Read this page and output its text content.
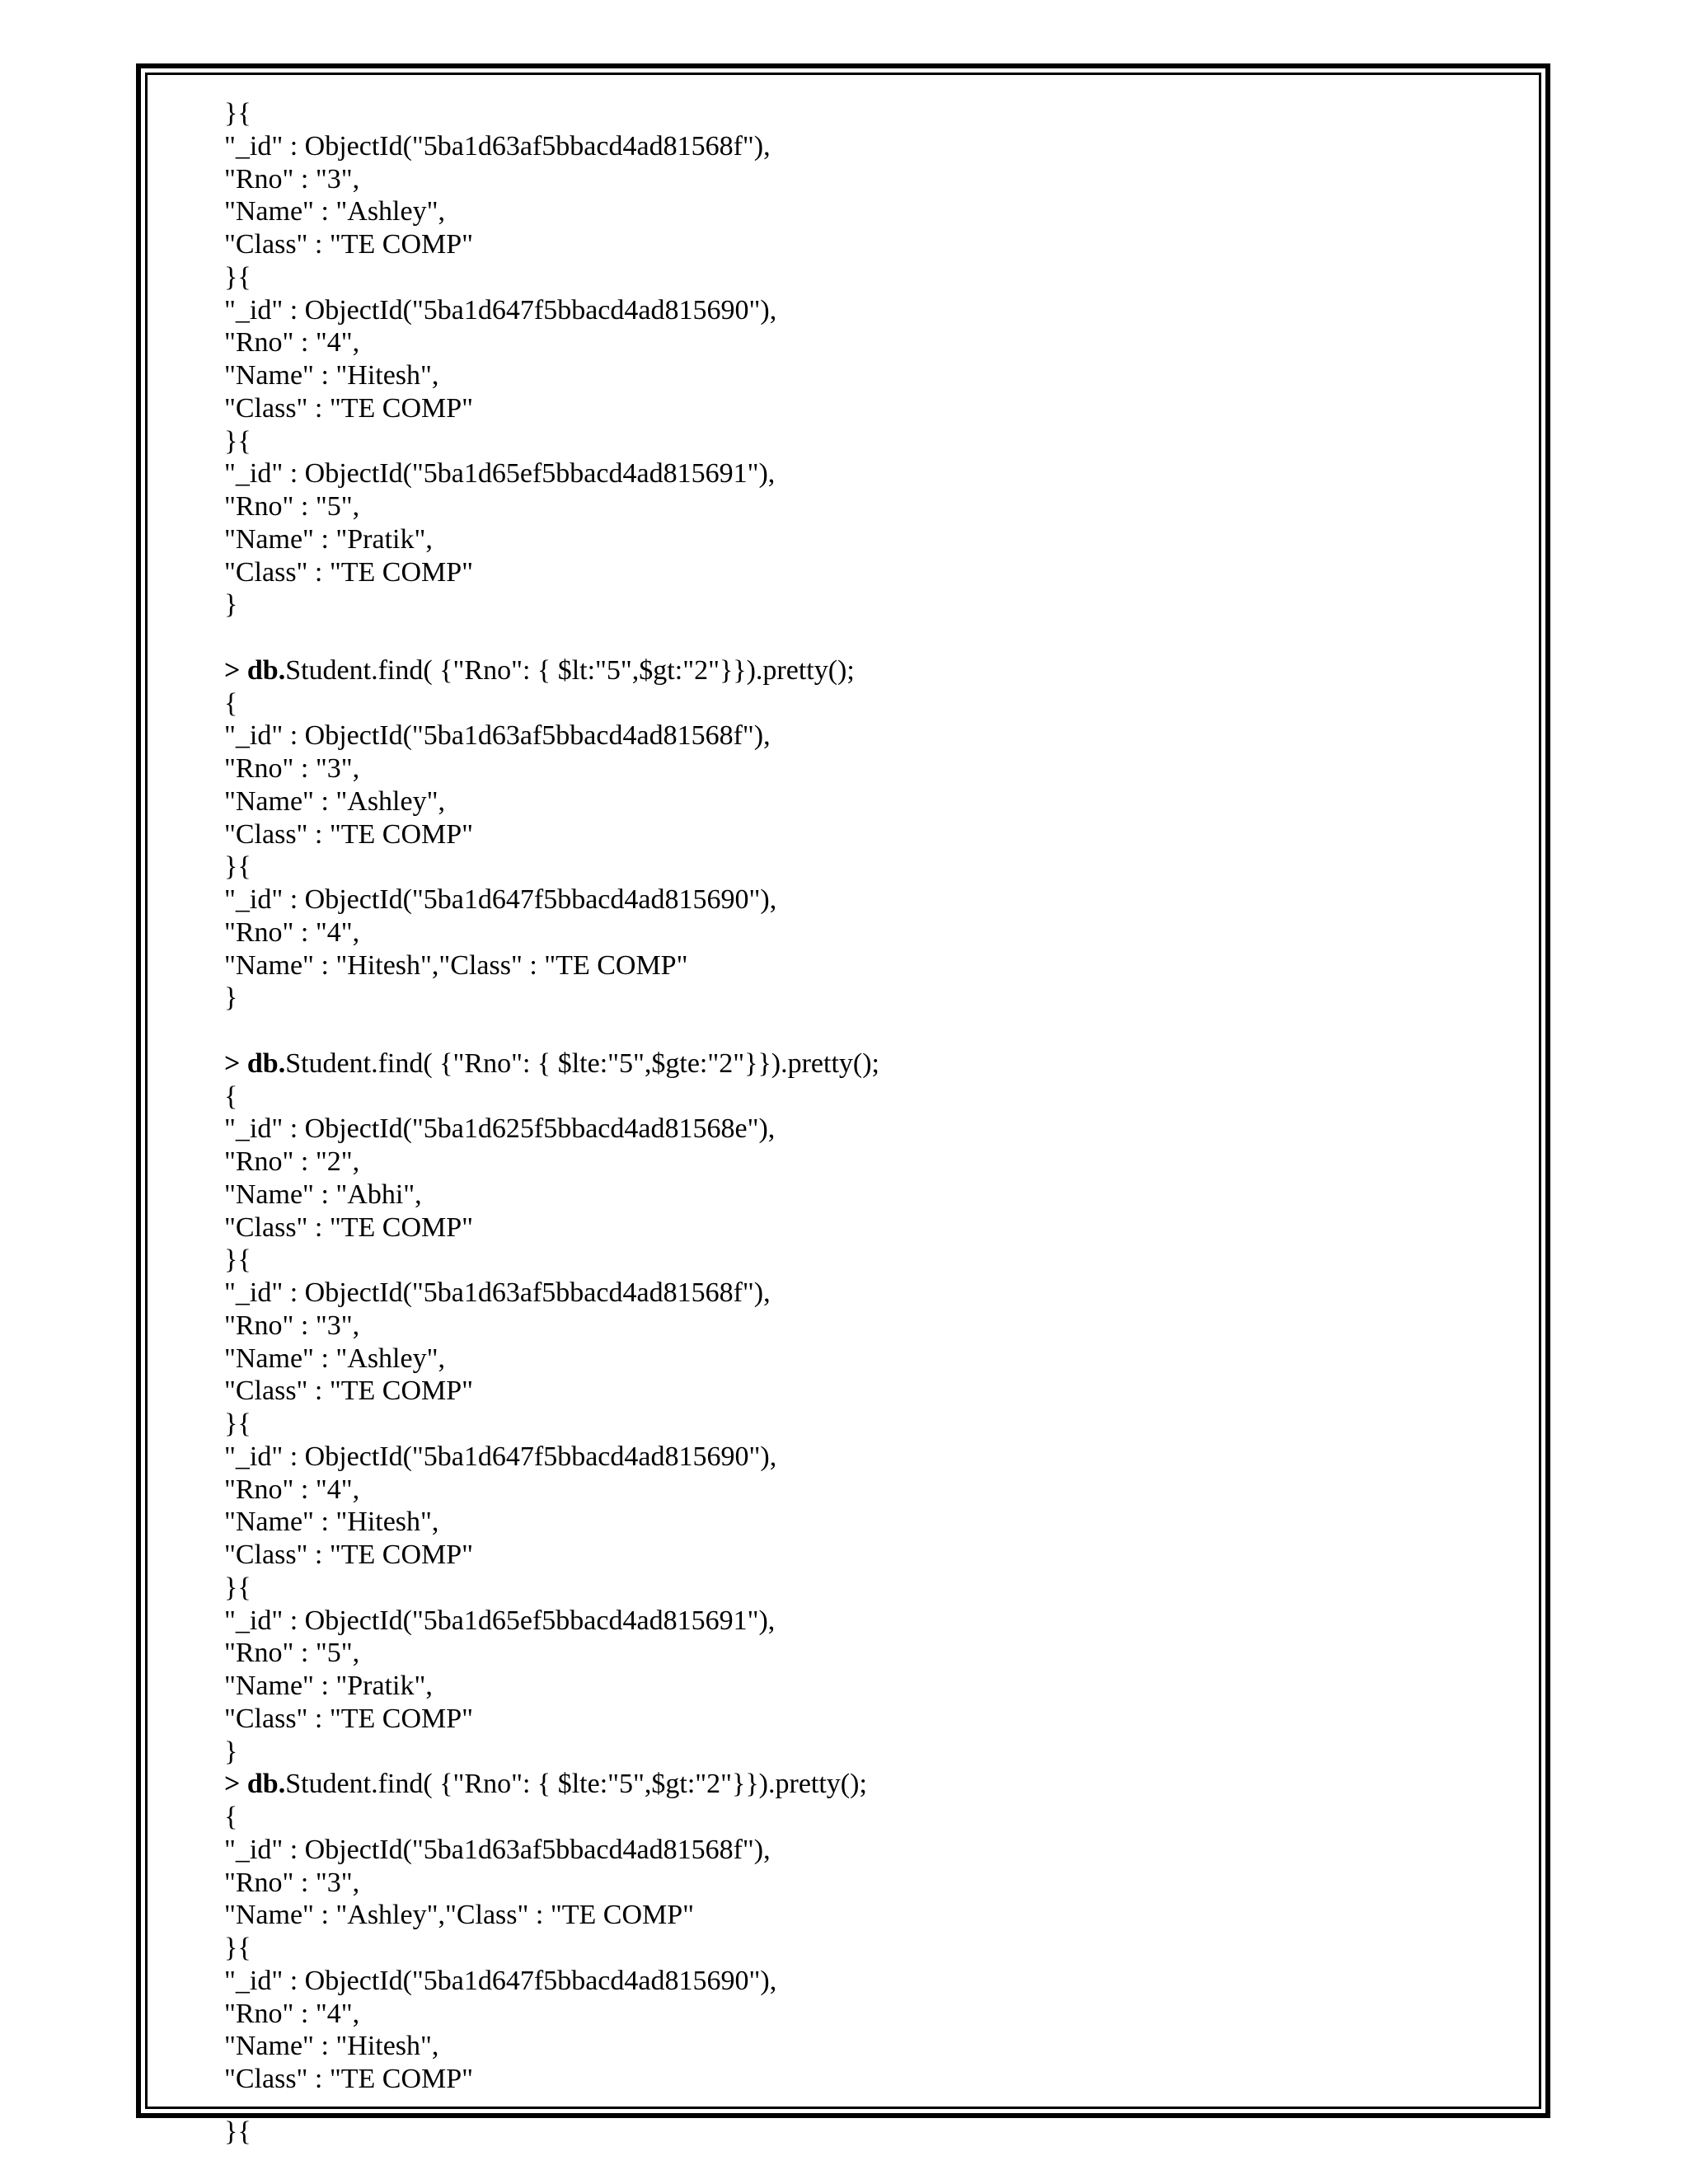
}{
"_id" : ObjectId("5ba1d63af5bbacd4ad81568f"),
"Rno" : "3",
"Name" : "Ashley",
"Class" : "TE COMP"
}{
"_id" : ObjectId("5ba1d647f5bbacd4ad815690"),
"Rno" : "4",
"Name" : "Hitesh",
"Class" : "TE COMP"
}{
"_id" : ObjectId("5ba1d65ef5bbacd4ad815691"),
"Rno" : "5",
"Name" : "Pratik",
"Class" : "TE COMP"
}
> db.Student.find( {"Rno": { $lt:"5",$gt:"2"}}).pretty();
{
"_id" : ObjectId("5ba1d63af5bbacd4ad81568f"),
"Rno" : "3",
"Name" : "Ashley",
"Class" : "TE COMP"
}{
"_id" : ObjectId("5ba1d647f5bbacd4ad815690"),
"Rno" : "4",
"Name" : "Hitesh","Class" : "TE COMP"
}
> db.Student.find( {"Rno": { $lte:"5",$gte:"2"}}).pretty();
{
"_id" : ObjectId("5ba1d625f5bbacd4ad81568e"),
"Rno" : "2",
"Name" : "Abhi",
"Class" : "TE COMP"
}{
"_id" : ObjectId("5ba1d63af5bbacd4ad81568f"),
"Rno" : "3",
"Name" : "Ashley",
"Class" : "TE COMP"
}{
"_id" : ObjectId("5ba1d647f5bbacd4ad815690"),
"Rno" : "4",
"Name" : "Hitesh",
"Class" : "TE COMP"
}{
"_id" : ObjectId("5ba1d65ef5bbacd4ad815691"),
"Rno" : "5",
"Name" : "Pratik",
"Class" : "TE COMP"
}
> db.Student.find( {"Rno": { $lte:"5",$gt:"2"}}).pretty();
{
"_id" : ObjectId("5ba1d63af5bbacd4ad81568f"),
"Rno" : "3",
"Name" : "Ashley","Class" : "TE COMP"
}{
"_id" : ObjectId("5ba1d647f5bbacd4ad815690"),
"Rno" : "4",
"Name" : "Hitesh",
"Class" : "TE COMP"
}{
